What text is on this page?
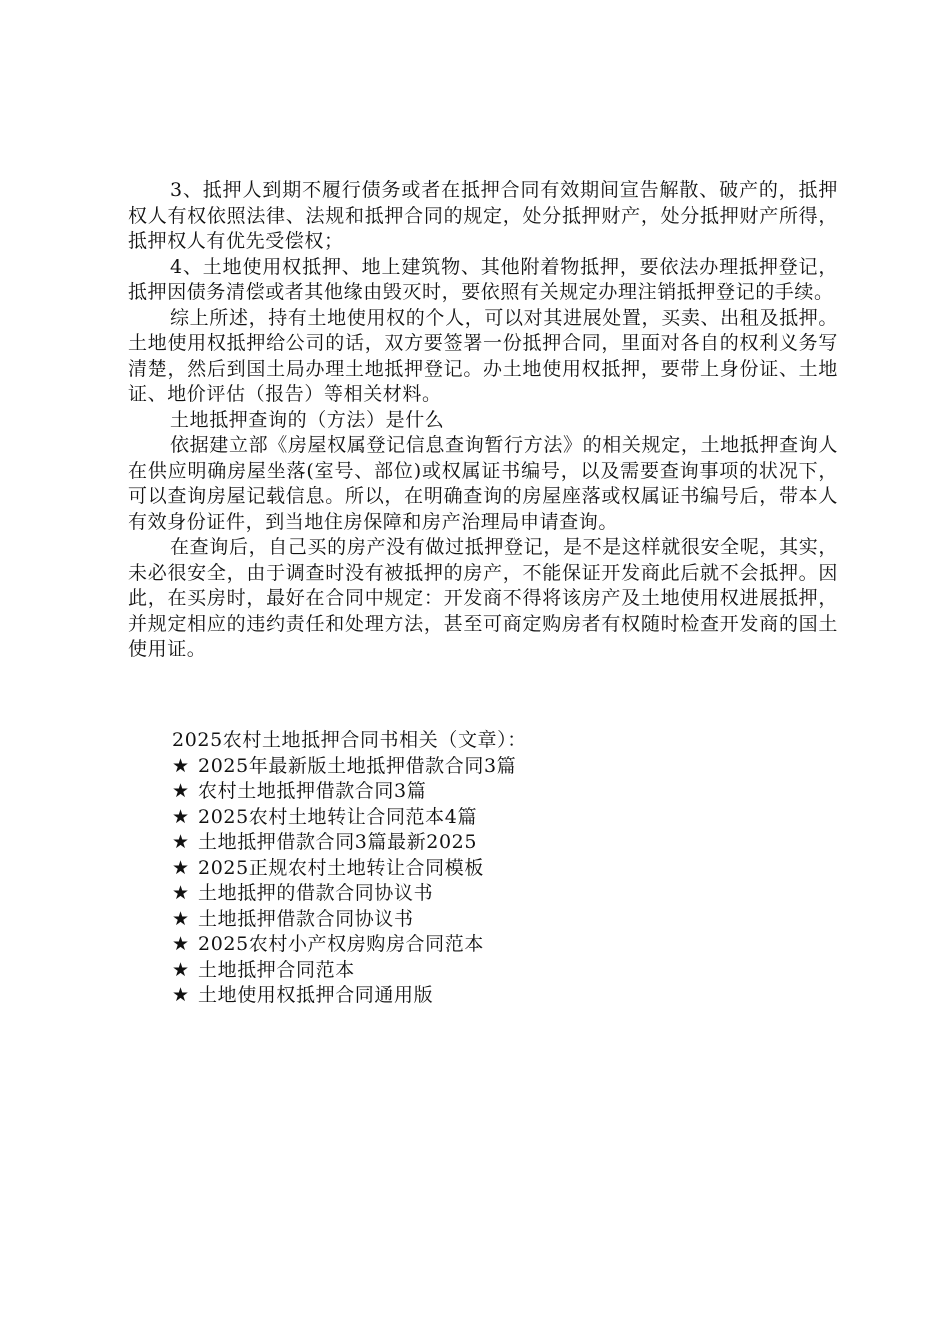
3、抵押人到期不履行债务或者在抵押合同有效期间宣告解散、破产的，抵押权人有权依照法律、法规和抵押合同的规定，处分抵押财产，处分抵押财产所得，抵押权人有优先受偿权；

4、土地使用权抵押、地上建筑物、其他附着物抵押，要依法办理抵押登记，抵押因债务清偿或者其他缘由毁灭时，要依照有关规定办理注销抵押登记的手续。

综上所述，持有土地使用权的个人，可以对其进展处置，买卖、出租及抵押。土地使用权抵押给公司的话，双方要签署一份抵押合同，里面对各自的权利义务写清楚，然后到国土局办理土地抵押登记。办土地使用权抵押，要带上身份证、土地证、地价评估（报告）等相关材料。

土地抵押查询的（方法）是什么

依据建立部《房屋权属登记信息查询暂行方法》的相关规定，土地抵押查询人在供应明确房屋坐落(室号、部位)或权属证书编号，以及需要查询事项的状况下，可以查询房屋记载信息。所以，在明确查询的房屋座落或权属证书编号后，带本人有效身份证件，到当地住房保障和房产治理局申请查询。

在查询后，自己买的房产没有做过抵押登记，是不是这样就很安全呢，其实，未必很安全，由于调查时没有被抵押的房产，不能保证开发商此后就不会抵押。因此，在买房时，最好在合同中规定：开发商不得将该房产及土地使用权进展抵押，并规定相应的违约责任和处理方法，甚至可商定购房者有权随时检查开发商的国土使用证。

2025农村土地抵押合同书相关（文章）：

★ 2025年最新版土地抵押借款合同3篇
★ 农村土地抵押借款合同3篇
★ 2025农村土地转让合同范本4篇
★ 土地抵押借款合同3篇最新2025
★ 2025正规农村土地转让合同模板
★ 土地抵押的借款合同协议书
★ 土地抵押借款合同协议书
★ 2025农村小产权房购房合同范本
★ 土地抵押合同范本
★ 土地使用权抵押合同通用版
